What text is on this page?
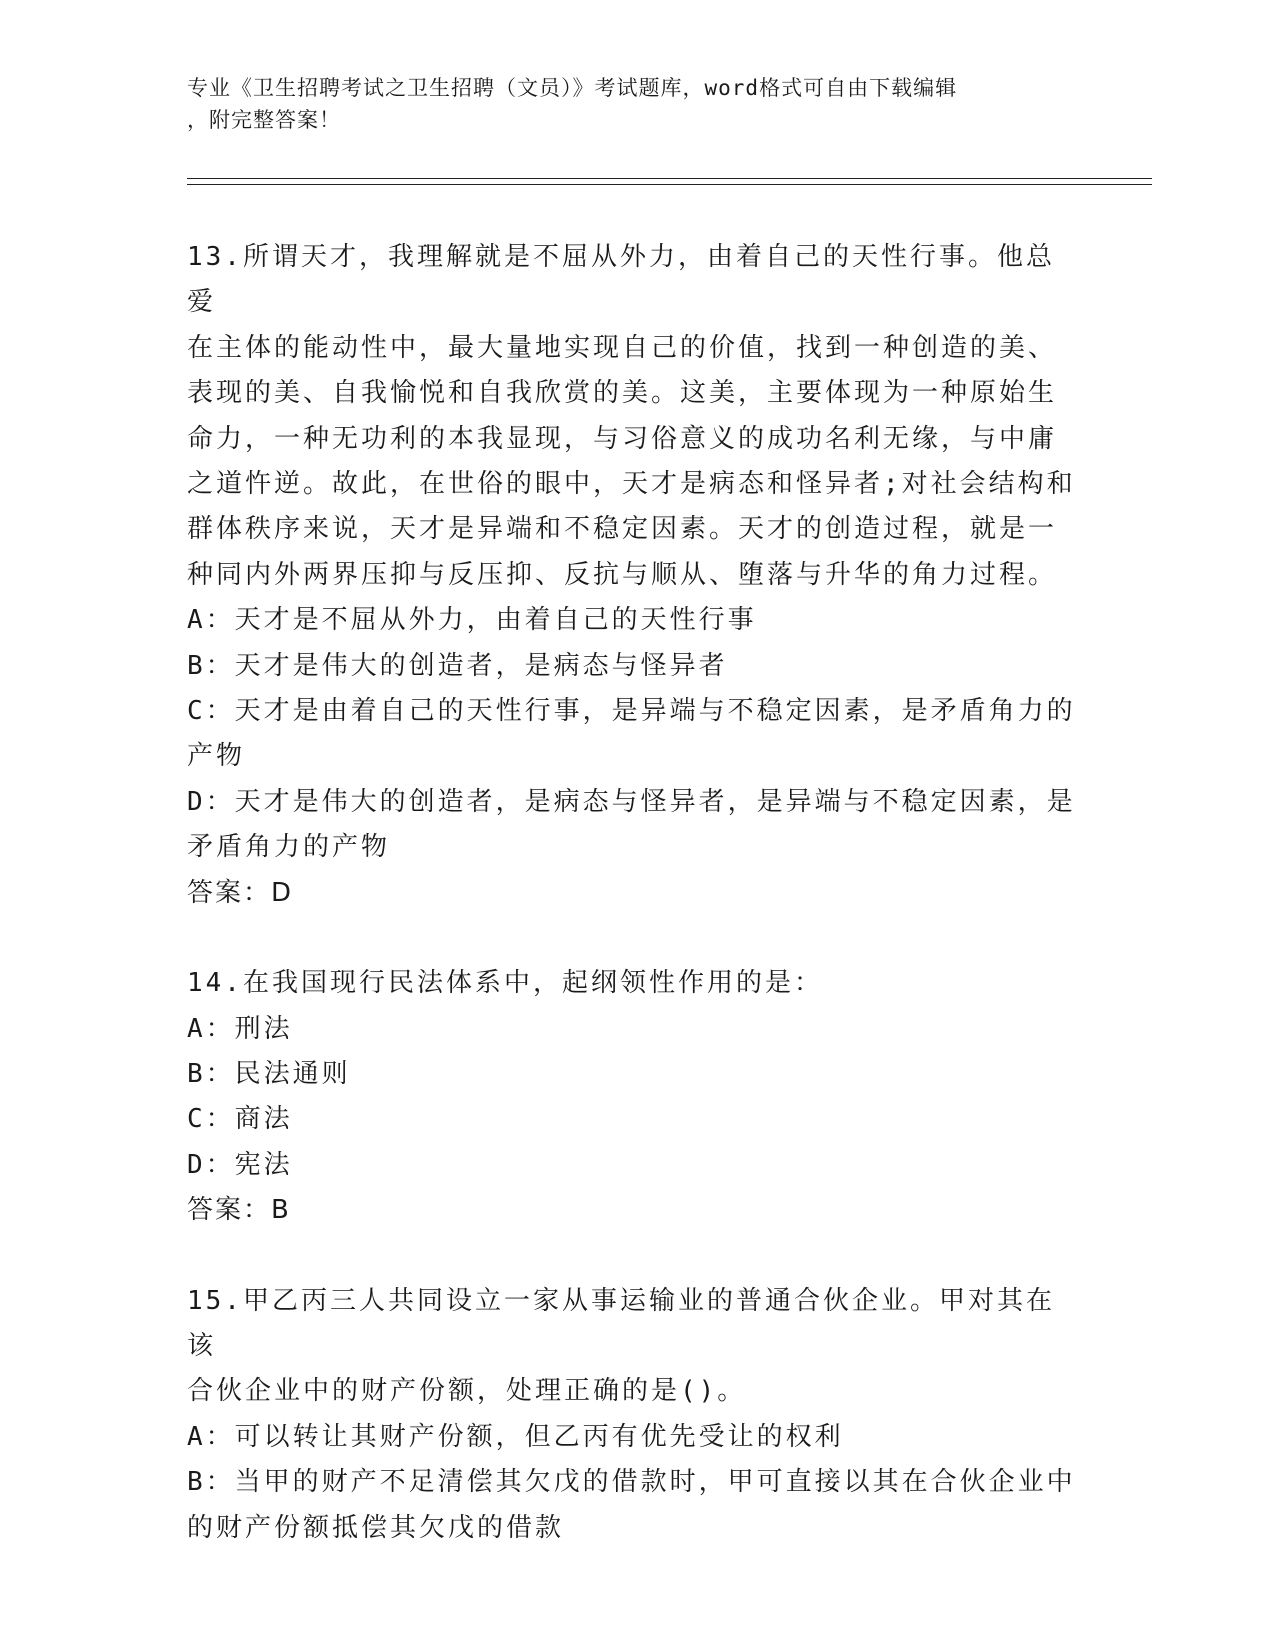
专业《卫生招聘考试之卫生招聘（文员）》考试题库，word格式可自由下载编辑
，附完整答案！
13.所谓天才，我理解就是不屈从外力，由着自己的天性行事。他总爱
在主体的能动性中，最大量地实现自己的价值，找到一种创造的美、
表现的美、自我愉悦和自我欣赏的美。这美，主要体现为一种原始生
命力，一种无功利的本我显现，与习俗意义的成功名利无缘，与中庸
之道忤逆。故此，在世俗的眼中，天才是病态和怪异者;对社会结构和
群体秩序来说，天才是异端和不稳定因素。天才的创造过程，就是一
种同内外两界压抑与反压抑、反抗与顺从、堕落与升华的角力过程。
A：天才是不屈从外力，由着自己的天性行事
B：天才是伟大的创造者，是病态与怪异者
C：天才是由着自己的天性行事，是异端与不稳定因素，是矛盾角力的
产物
D：天才是伟大的创造者，是病态与怪异者，是异端与不稳定因素，是
矛盾角力的产物
答案：D
14.在我国现行民法体系中，起纲领性作用的是：
A：刑法
B：民法通则
C：商法
D：宪法
答案：B
15.甲乙丙三人共同设立一家从事运输业的普通合伙企业。甲对其在该
合伙企业中的财产份额，处理正确的是()。
A：可以转让其财产份额，但乙丙有优先受让的权利
B：当甲的财产不足清偿其欠戊的借款时，甲可直接以其在合伙企业中
的财产份额抵偿其欠戊的借款
